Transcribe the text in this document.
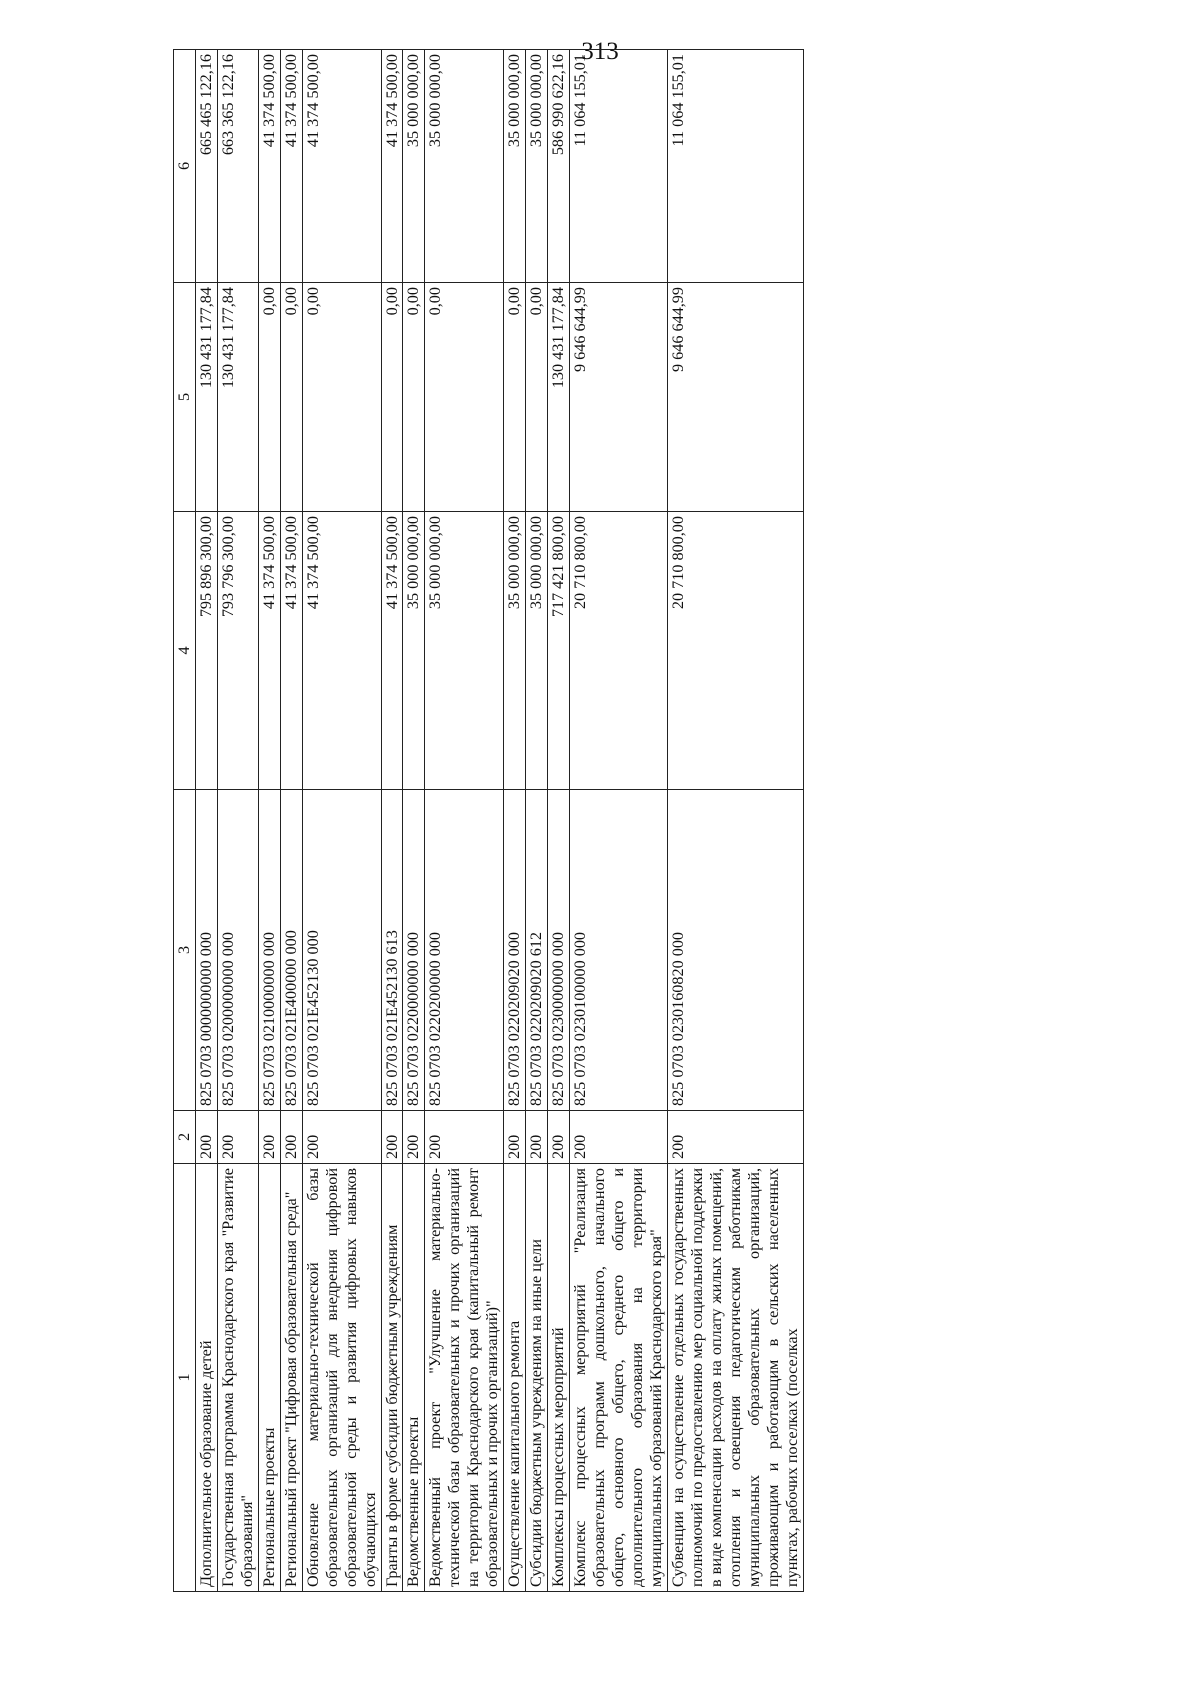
313
1	2	3	4	5	6
Дополнительное образование детей	200	825 0703 0000000000 000	795 896 300,00	130 431 177,84	665 465 122,16
Государственная программа Краснодарского края "Развитие образования"	200	825 0703 0200000000 000	793 796 300,00	130 431 177,84	663 365 122,16
Региональные проекты	200	825 0703 0210000000 000	41 374 500,00	0,00	41 374 500,00
Региональный проект "Цифровая образовательная среда"	200	825 0703 021E400000 000	41 374 500,00	0,00	41 374 500,00
Обновление материально-технической базы образовательных организаций для внедрения цифровой образовательной среды и развития цифровых навыков обучающихся	200	825 0703 021E452130 000	41 374 500,00	0,00	41 374 500,00
Гранты в форме субсидии бюджетным учреждениям	200	825 0703 021E452130 613	41 374 500,00	0,00	41 374 500,00
Ведомственные проекты	200	825 0703 0220000000 000	35 000 000,00	0,00	35 000 000,00
Ведомственный проект "Улучшение материально-технической базы образовательных и прочих организаций на территории Краснодарского края (капитальный ремонт образовательных и прочих организаций)"	200	825 0703 0220200000 000	35 000 000,00	0,00	35 000 000,00
Осуществление капитального ремонта	200	825 0703 0220209020 000	35 000 000,00	0,00	35 000 000,00
Субсидии бюджетным учреждениям на иные цели	200	825 0703 0220209020 612	35 000 000,00	0,00	35 000 000,00
Комплексы процессных мероприятий	200	825 0703 0230000000 000	717 421 800,00	130 431 177,84	586 990 622,16
Комплекс процессных мероприятий "Реализация образовательных программ дошкольного, начального общего, основного общего, среднего общего и дополнительного образования на территории муниципальных образований Краснодарского края"	200	825 0703 0230100000 000	20 710 800,00	9 646 644,99	11 064 155,01
Субвенции на осуществление отдельных государственных полномочий по предоставлению мер социальной поддержки в виде компенсации расходов на оплату жилых помещений, отопления и освещения педагогическим работникам муниципальных образовательных организаций, проживающим и работающим в сельских населенных пунктах, рабочих поселках (поселках	200	825 0703 0230160820 000	20 710 800,00	9 646 644,99	11 064 155,01
